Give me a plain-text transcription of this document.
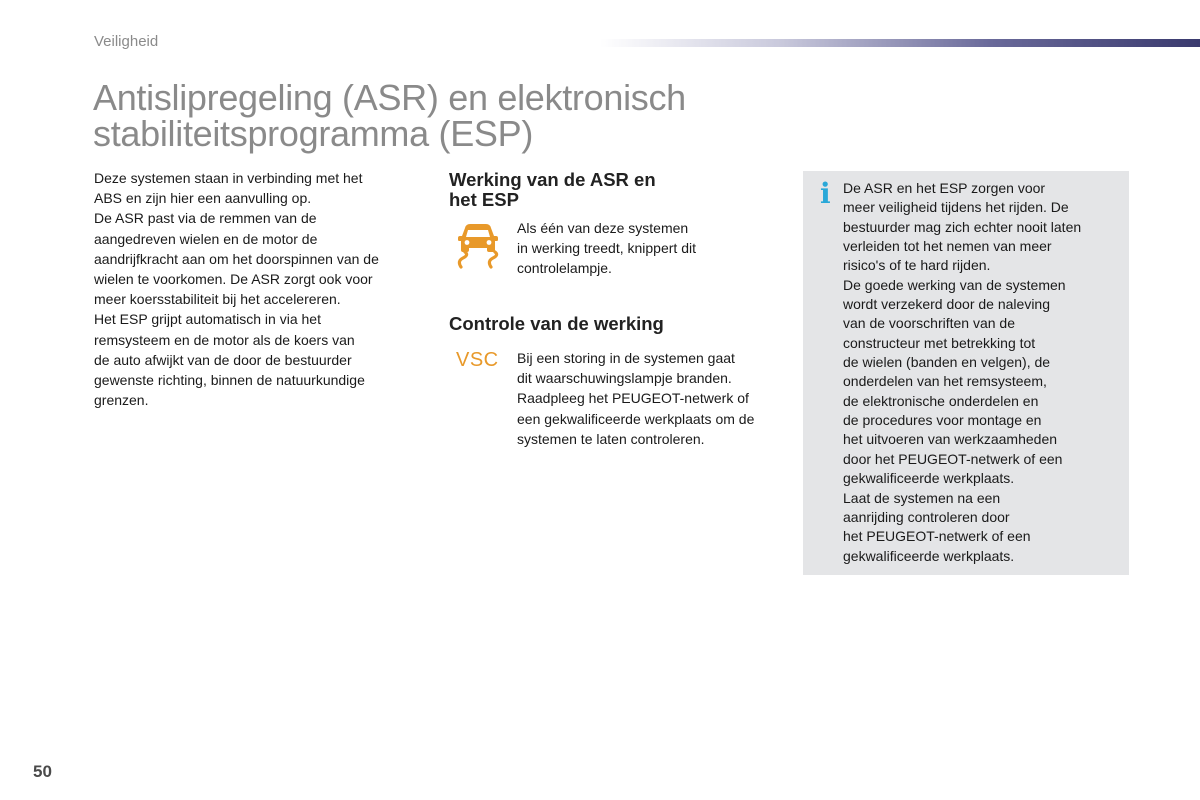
Veiligheid
Antislipregeling (ASR) en elektronisch
stabiliteitsprogramma (ESP)
Deze systemen staan in verbinding met het
ABS en zijn hier een aanvulling op.
De ASR past via de remmen van de
aangedreven wielen en de motor de
aandrijfkracht aan om het doorspinnen van de
wielen te voorkomen. De ASR zorgt ook voor
meer koersstabiliteit bij het accelereren.
Het ESP grijpt automatisch in via het
remsysteem en de motor als de koers van
de auto afwijkt van de door de bestuurder
gewenste richting, binnen de natuurkundige
grenzen.
Werking van de ASR en
het ESP
Als één van deze systemen
in werking treedt, knippert dit
controlelampje.
Controle van de werking
VSC Bij een storing in de systemen gaat
dit waarschuwingslampje branden.
Raadpleeg het PEUGEOT-netwerk of
een gekwalificeerde werkplaats om de
systemen te laten controleren.
i De ASR en het ESP zorgen voor
meer veiligheid tijdens het rijden. De
bestuurder mag zich echter nooit laten
verleiden tot het nemen van meer
risico's of te hard rijden.
De goede werking van de systemen
wordt verzekerd door de naleving
van de voorschriften van de
constructeur met betrekking tot
de wielen (banden en velgen), de
onderdelen van het remsysteem,
de elektronische onderdelen en
de procedures voor montage en
het uitvoeren van werkzaamheden
door het PEUGEOT-netwerk of een
gekwalificeerde werkplaats.
Laat de systemen na een
aanrijding controleren door
het PEUGEOT-netwerk of een
gekwalificeerde werkplaats.
50
